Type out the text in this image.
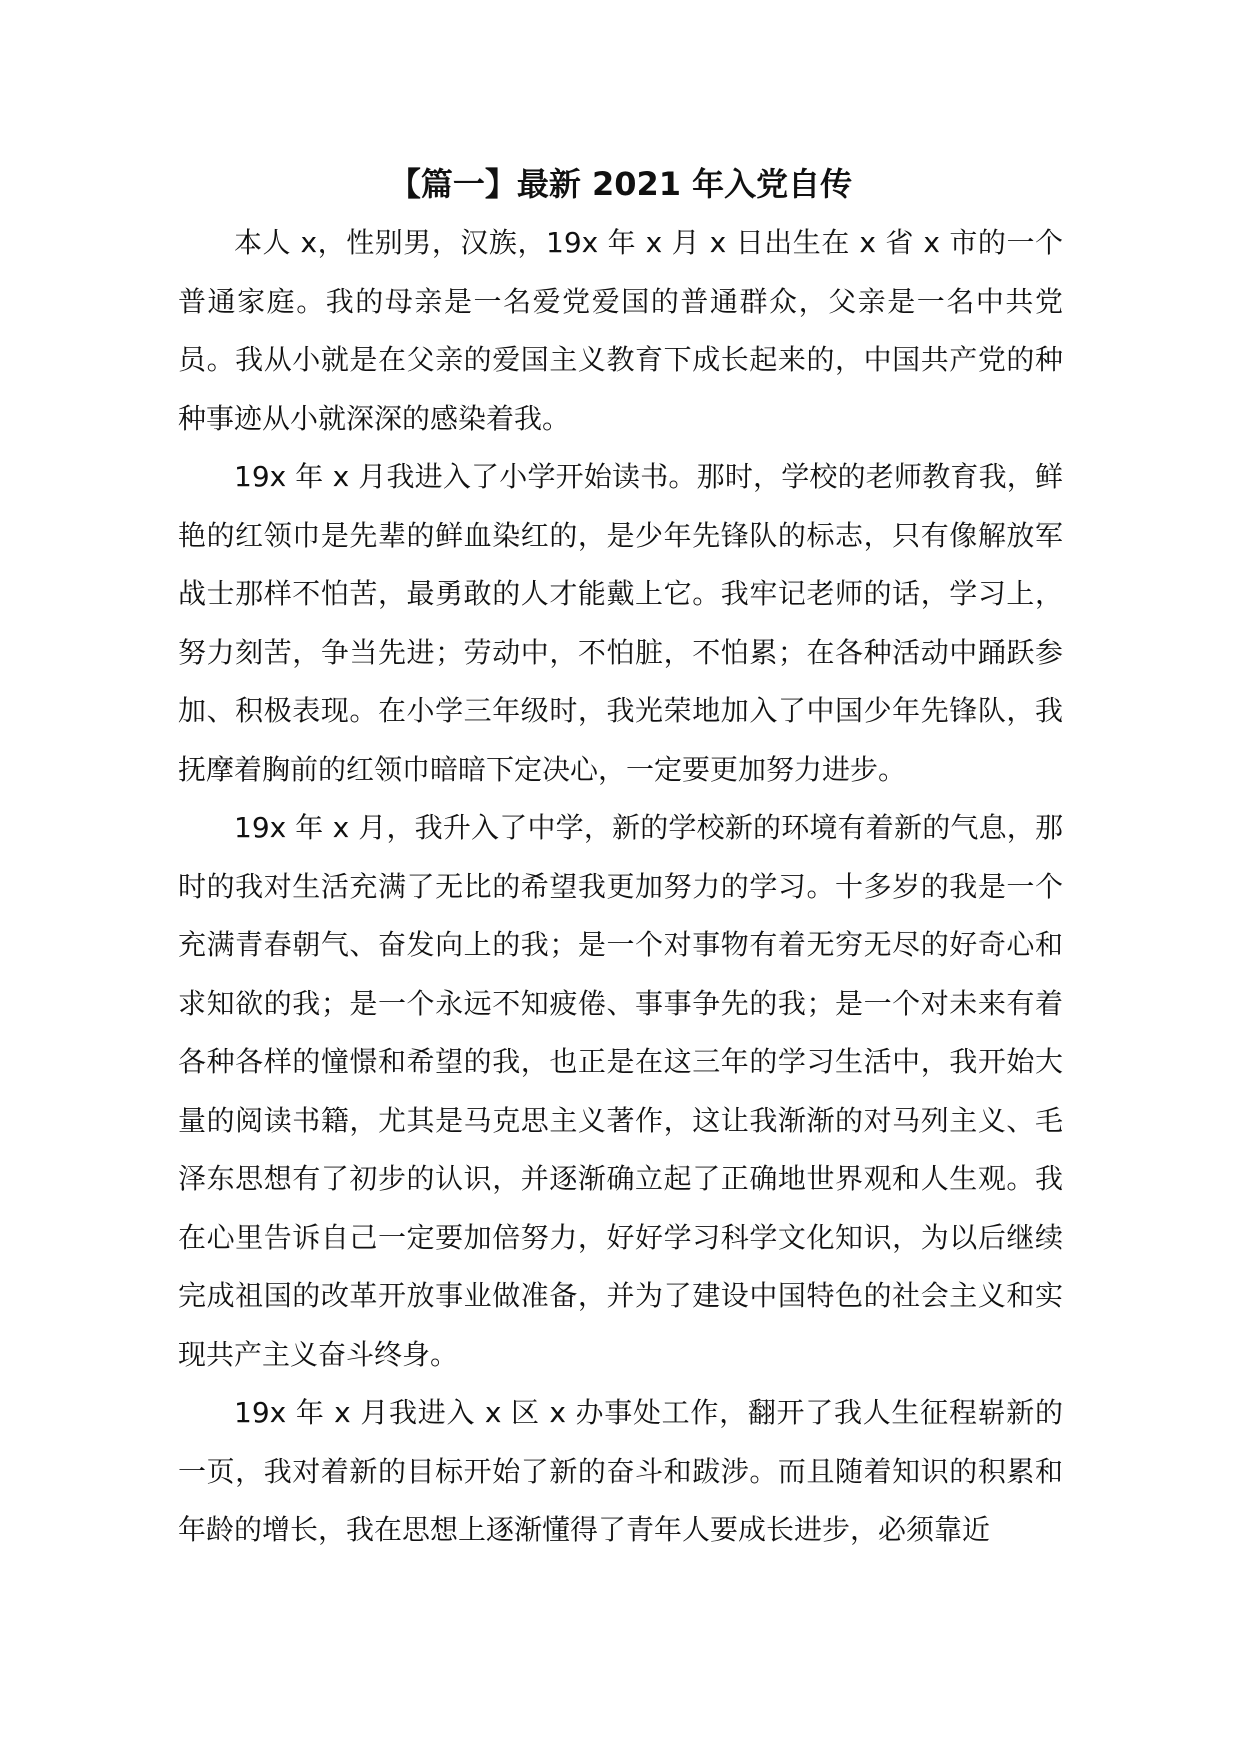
【篇一】最新 2021 年入党自传

本人 x，性别男，汉族，19x 年 x 月 x 日出生在 x 省 x 市的一个普通家庭。我的母亲是一名爱党爱国的普通群众，父亲是一名中共党员。我从小就是在父亲的爱国主义教育下成长起来的，中国共产党的种种事迹从小就深深的感染着我。

19x 年 x 月我进入了小学开始读书。那时，学校的老师教育我，鲜艳的红领巾是先辈的鲜血染红的，是少年先锋队的标志，只有像解放军战士那样不怕苦，最勇敢的人才能戴上它。我牢记老师的话，学习上，努力刻苦，争当先进；劳动中，不怕脏，不怕累；在各种活动中踊跃参加、积极表现。在小学三年级时，我光荣地加入了中国少年先锋队，我抚摩着胸前的红领巾暗暗下定决心，一定要更加努力进步。

19x 年 x 月，我升入了中学，新的学校新的环境有着新的气息，那时的我对生活充满了无比的希望我更加努力的学习。十多岁的我是一个充满青春朝气、奋发向上的我；是一个对事物有着无穷无尽的好奇心和求知欲的我；是一个永远不知疲倦、事事争先的我；是一个对未来有着各种各样的憧憬和希望的我，也正是在这三年的学习生活中，我开始大量的阅读书籍，尤其是马克思主义著作，这让我渐渐的对马列主义、毛泽东思想有了初步的认识，并逐渐确立起了正确地世界观和人生观。我在心里告诉自己一定要加倍努力，好好学习科学文化知识，为以后继续完成祖国的改革开放事业做准备，并为了建设中国特色的社会主义和实现共产主义奋斗终身。

19x 年 x 月我进入 x 区 x 办事处工作，翻开了我人生征程崭新的一页，我对着新的目标开始了新的奋斗和跋涉。而且随着知识的积累和年龄的增长，我在思想上逐渐懂得了青年人要成长进步，必须靠近
